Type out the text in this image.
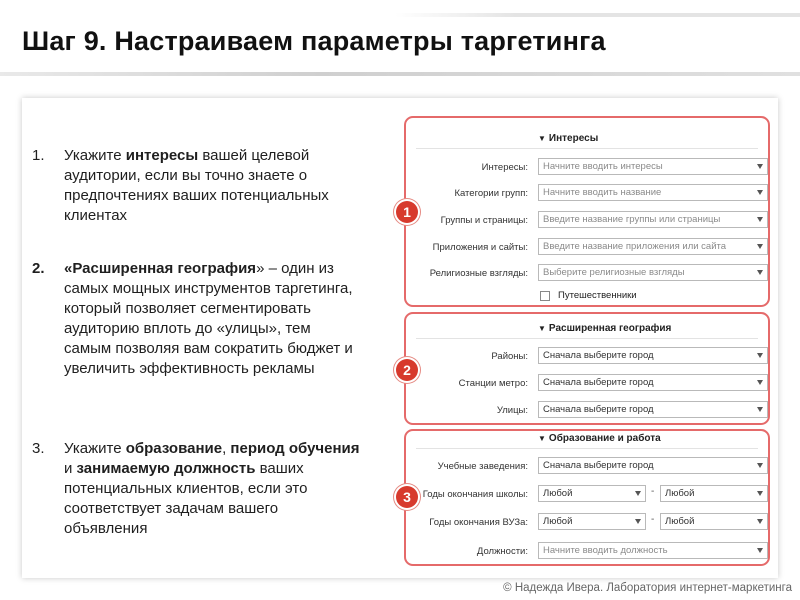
Шаг 9. Настраиваем параметры таргетинга
1. Укажите интересы вашей целевой аудитории, если вы точно знаете о предпочтениях ваших потенциальных клиентах
2. «Расширенная география» – один из самых мощных инструментов таргетинга, который позволяет сегментировать аудиторию вплоть до «улицы», тем самым позволяя вам сократить бюджет и увеличить эффективность рекламы
3. Укажите образование, период обучения и занимаемую должность ваших потенциальных клиентов, если это соответствует задачам вашего объявления
▼ Интересы
Интересы:	Начните вводить интересы
Категории групп:	Начните вводить название
Группы и страницы:	Введите название группы или страницы
Приложения и сайты:	Введите название приложения или сайта
Религиозные взгляды:	Выберите религиозные взгляды
Путешественники
▼ Расширенная география
Районы:	Сначала выберите город
Станции метро:	Сначала выберите город
Улицы:	Сначала выберите город
▼ Образование и работа
Учебные заведения:	Сначала выберите город
Годы окончания школы:	Любой	-	Любой
Годы окончания ВУЗа:	Любой	-	Любой
Должности:	Начните вводить должность
1
2
3
© Надежда Ивера. Лаборатория интернет-маркетинга
